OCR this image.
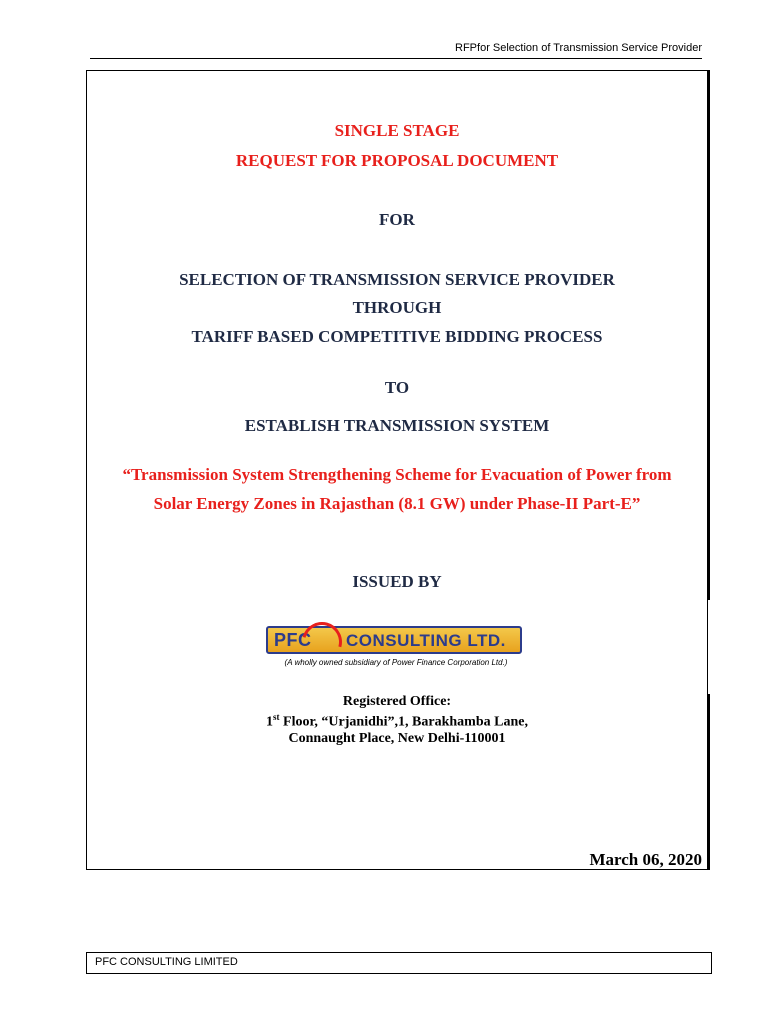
RFPfor Selection of Transmission Service Provider
SINGLE STAGE
REQUEST FOR PROPOSAL DOCUMENT
FOR
SELECTION OF TRANSMISSION SERVICE PROVIDER
THROUGH
TARIFF BASED COMPETITIVE BIDDING PROCESS
TO
ESTABLISH TRANSMISSION SYSTEM
“Transmission System Strengthening Scheme for Evacuation of Power from
Solar Energy Zones in Rajasthan (8.1 GW) under Phase-II Part-E”
ISSUED BY
PFC CONSULTING LTD.
(A wholly owned subsidiary of Power Finance Corporation Ltd.)
Registered Office:
1st Floor, “Urjanidhi”,1, Barakhamba Lane,
Connaught Place, New Delhi-110001
March 06, 2020
PFC CONSULTING LIMITED
